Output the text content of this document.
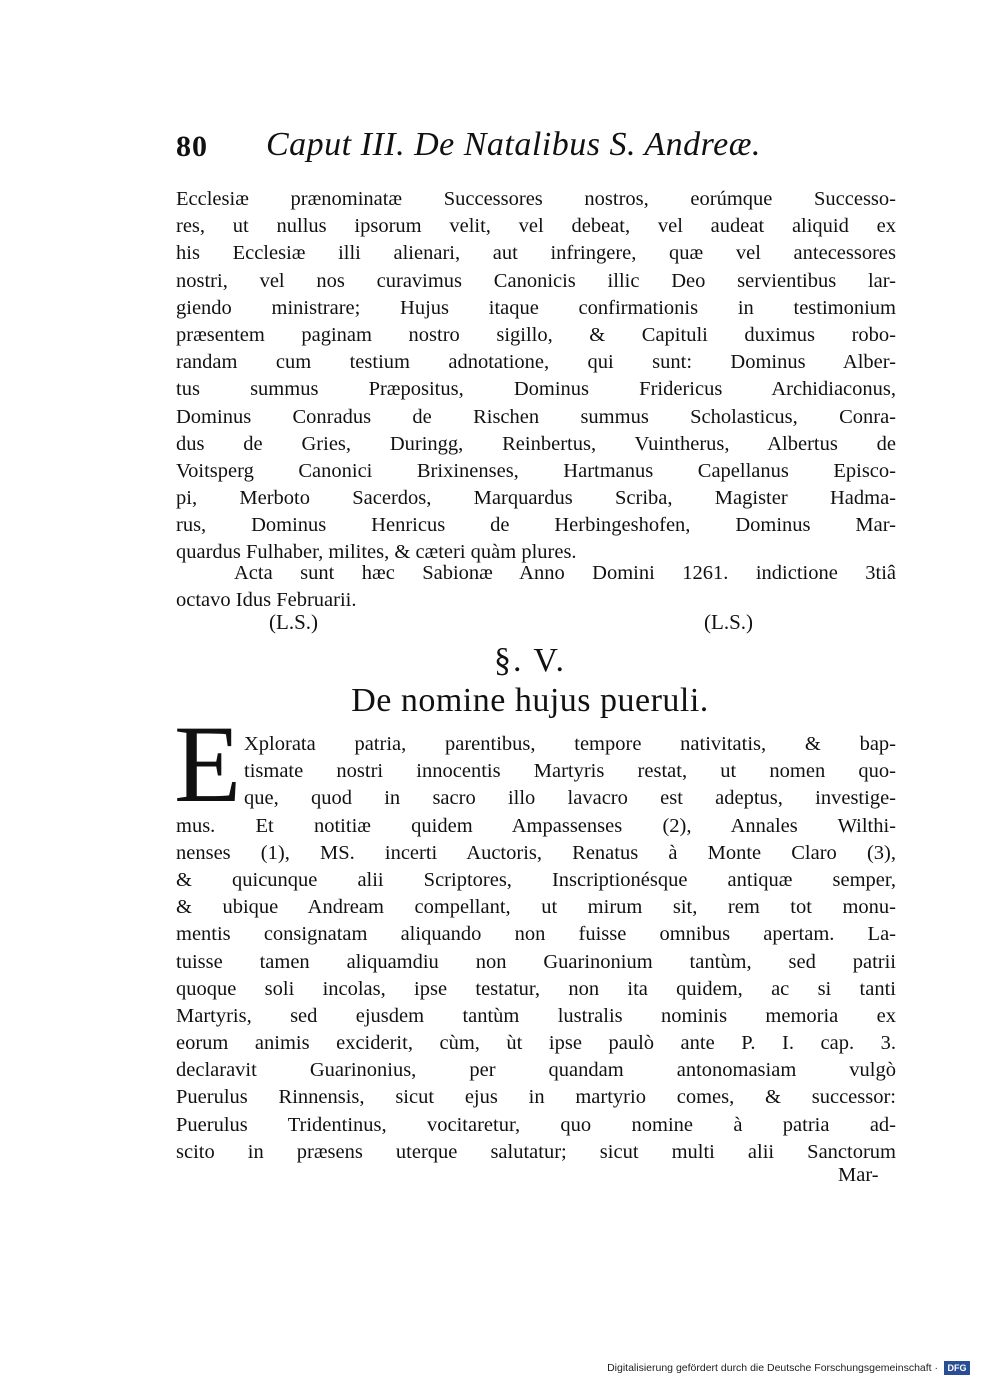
80 Caput III. De Natalibus S. Andreæ.
Ecclesiæ prænominatæ Successores nostros, eorúmque Successo-
res, ut nullus ipsorum velit, vel debeat, vel audeat aliquid ex
his Ecclesiæ illi alienari, aut infringere, quæ vel antecessores
nostri, vel nos curavimus Canonicis illic Deo servientibus lar-
giendo ministrare; Hujus itaque confirmationis in testimonium
præsentem paginam nostro sigillo, & Capituli duximus robo-
randam cum testium adnotatione, qui sunt: Dominus Alber-
tus summus Præpositus, Dominus Fridericus Archidiaconus,
Dominus Conradus de Rischen summus Scholasticus, Conra-
dus de Gries, Duringg, Reinbertus, Vuintherus, Albertus de
Voitsperg Canonici Brixinenses, Hartmanus Capellanus Episco-
pi, Merboto Sacerdos, Marquardus Scriba, Magister Hadma-
rus, Dominus Henricus de Herbingeshofen, Dominus Mar-
quardus Fulhaber, milites, & cæteri quàm plures.
Acta sunt hæc Sabionæ Anno Domini 1261. indictione 3tiâ
octavo Idus Februarii.
(L.S.)	(L.S.)
§. V.
De nomine hujus pueruli.
E Xplorata patria, parentibus, tempore nativitatis, & bap-
tismate nostri innocentis Martyris restat, ut nomen quo-
que, quod in sacro illo lavacro est adeptus, investige-
mus. Et notitiæ quidem Ampassenses (2), Annales Wilthi-
nenses (1), MS. incerti Auctoris, Renatus à Monte Claro (3),
& quicunque alii Scriptores, Inscriptionésque antiquæ semper,
& ubique Andream compellant, ut mirum sit, rem tot monu-
mentis consignatam aliquando non fuisse omnibus apertam. La-
tuisse tamen aliquamdiu non Guarinonium tantùm, sed patrii
quoque soli incolas, ipse testatur, non ita quidem, ac si tanti
Martyris, sed ejusdem tantùm lustralis nominis memoria ex
eorum animis exciderit, cùm, ùt ipse paulò ante P. I. cap. 3.
declaravit Guarinonius, per quandam antonomasiam vulgò
Puerulus Rinnensis, sicut ejus in martyrio comes, & successor:
Puerulus Tridentinus, vocitaretur, quo nomine à patria ad-
scito in præsens uterque salutatur; sicut multi alii Sanctorum
Mar-
Digitalisierung gefördert durch die Deutsche Forschungsgemeinschaft ·	DFG
